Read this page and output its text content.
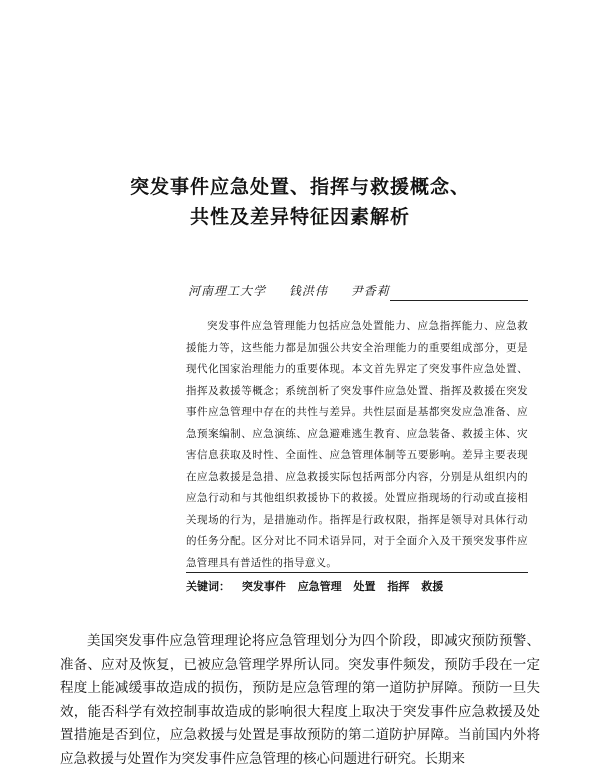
突发事件应急处置、指挥与救援概念、
共性及差异特征因素解析
河南理工大学 钱洪伟 尹香莉
突发事件应急管理能力包括应急处置能力、应急指挥能力、应急救援能力等，这些能力都是加强公共安全治理能力的重要组成部分，更是现代化国家治理能力的重要体现。本文首先界定了突发事件应急处置、指挥及救援等概念；系统剖析了突发事件应急处置、指挥及救援在突发事件应急管理中存在的共性与差异。共性层面是基都突发应急准备、应急预案编制、应急演练、应急避难逃生教育、应急装备、救援主体、灾害信息获取及时性、全面性、应急管理体制等五要影响。差异主要表现在应急救援是急措、应急救援实际包括两部分内容，分别是从组织内的应急行动和与其他组织救援协下的救援。处置应指现场的行动或直接相关现场的行为，是措施动作。指挥是行政权限，指挥是领导对具体行动的任务分配。区分对比不同术语异同，对于全面介入及干预突发事件应急管理具有普适性的指导意义。
关键词： 突发事件 应急管理 处置 指挥 救援
美国突发事件应急管理理论将应急管理划分为四个阶段，即减灾预防预警、准备、应对及恢复，已被应急管理学界所认同。突发事件频发，预防手段在一定程度上能减缓事故造成的损伤，预防是应急管理的第一道防护屏障。预防一旦失效，能否科学有效控制事故造成的影响很大程度上取决于突发事件应急救援及处置措施是否到位，应急救援与处置是事故预防的第二道防护屏障。当前国内外将应急救援与处置作为突发事件应急管理的核心问题进行研究。长期来
